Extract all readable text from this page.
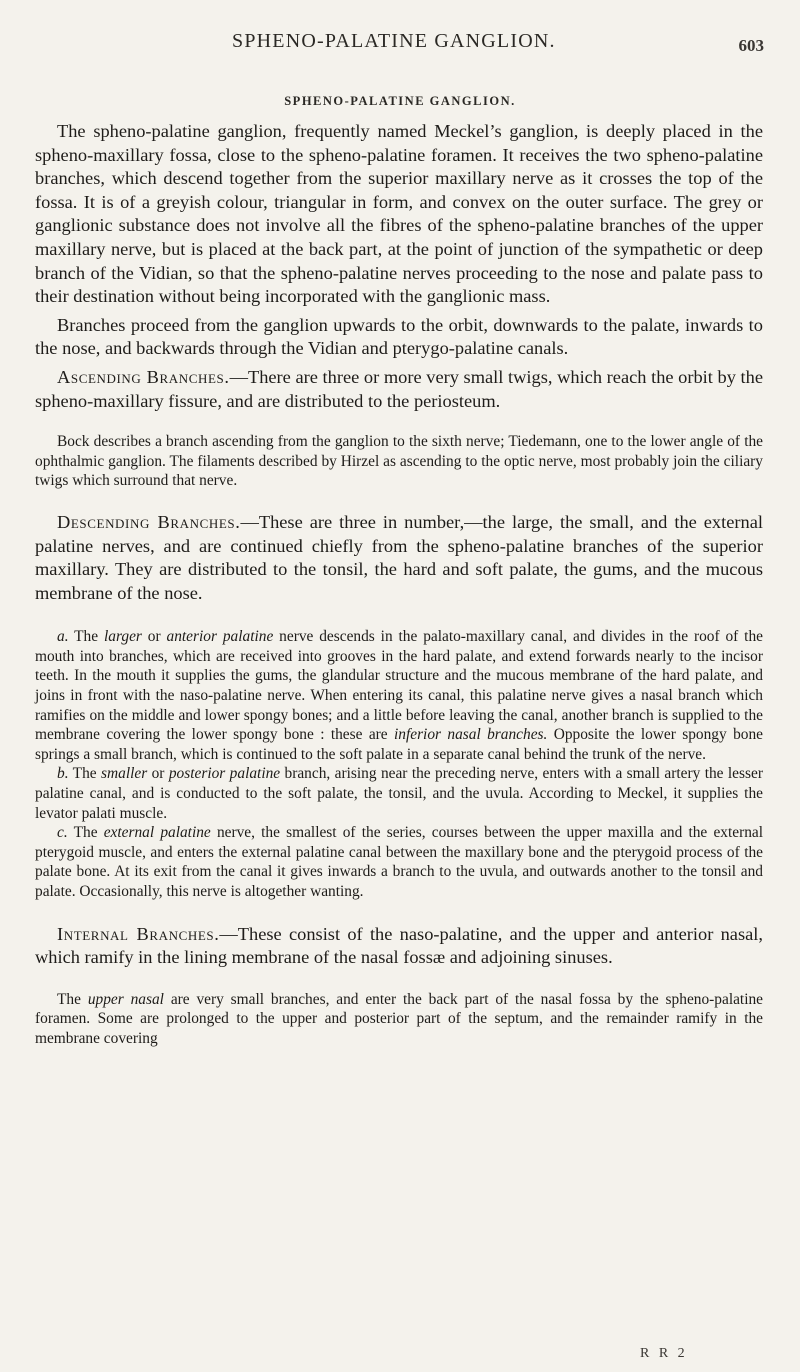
SPHENO-PALATINE GANGLION.	603
SPHENO-PALATINE GANGLION.

The spheno-palatine ganglion, frequently named Meckel’s ganglion, is deeply placed in the spheno-maxillary fossa, close to the spheno-palatine foramen. It receives the two spheno-palatine branches, which descend together from the superior maxillary nerve as it crosses the top of the fossa. It is of a greyish colour, triangular in form, and convex on the outer surface. The grey or ganglionic substance does not involve all the fibres of the spheno-palatine branches of the upper maxillary nerve, but is placed at the back part, at the point of junction of the sympathetic or deep branch of the Vidian, so that the spheno-palatine nerves proceeding to the nose and palate pass to their destination without being incorporated with the ganglionic mass.

Branches proceed from the ganglion upwards to the orbit, downwards to the palate, inwards to the nose, and backwards through the Vidian and pterygo-palatine canals.

Ascending Branches.—There are three or more very small twigs, which reach the orbit by the spheno-maxillary fissure, and are distributed to the periosteum.

Bock describes a branch ascending from the ganglion to the sixth nerve; Tiedemann, one to the lower angle of the ophthalmic ganglion. The filaments described by Hirzel as ascending to the optic nerve, most probably join the ciliary twigs which surround that nerve.

Descending Branches.—These are three in number,—the large, the small, and the external palatine nerves, and are continued chiefly from the spheno-palatine branches of the superior maxillary. They are distributed to the tonsil, the hard and soft palate, the gums, and the mucous membrane of the nose.

a. The larger or anterior palatine nerve descends in the palato-maxillary canal, and divides in the roof of the mouth into branches, which are received into grooves in the hard palate, and extend forwards nearly to the incisor teeth. In the mouth it supplies the gums, the glandular structure and the mucous membrane of the hard palate, and joins in front with the naso-palatine nerve. When entering its canal, this palatine nerve gives a nasal branch which ramifies on the middle and lower spongy bones; and a little before leaving the canal, another branch is supplied to the membrane covering the lower spongy bone : these are inferior nasal branches. Opposite the lower spongy bone springs a small branch, which is continued to the soft palate in a separate canal behind the trunk of the nerve.

b. The smaller or posterior palatine branch, arising near the preceding nerve, enters with a small artery the lesser palatine canal, and is conducted to the soft palate, the tonsil, and the uvula. According to Meckel, it supplies the levator palati muscle.

c. The external palatine nerve, the smallest of the series, courses between the upper maxilla and the external pterygoid muscle, and enters the external palatine canal between the maxillary bone and the pterygoid process of the palate bone. At its exit from the canal it gives inwards a branch to the uvula, and outwards another to the tonsil and palate. Occasionally, this nerve is altogether wanting.

Internal Branches.—These consist of the naso-palatine, and the upper and anterior nasal, which ramify in the lining membrane of the nasal fossæ and adjoining sinuses.

The upper nasal are very small branches, and enter the back part of the nasal fossa by the spheno-palatine foramen. Some are prolonged to the upper and posterior part of the septum, and the remainder ramify in the membrane covering

R R 2
